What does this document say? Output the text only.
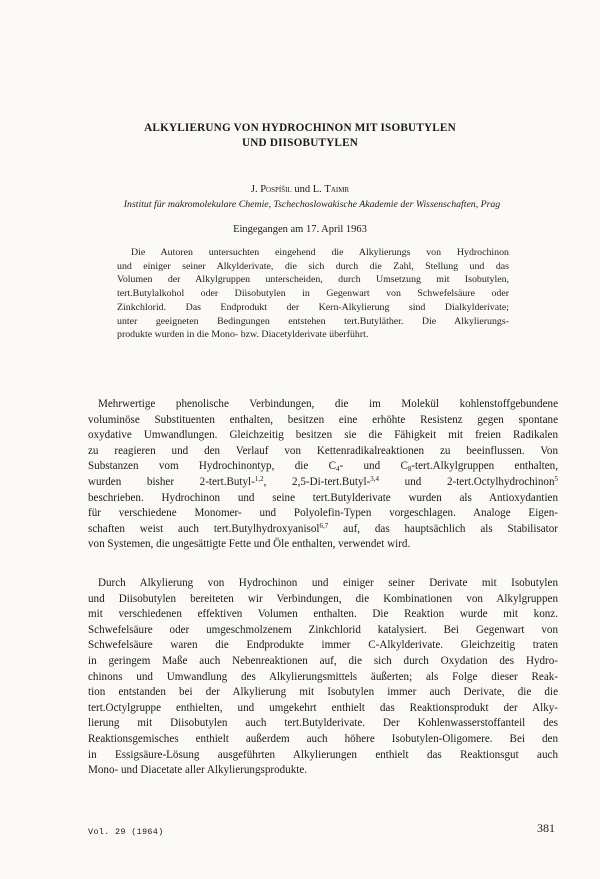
ALKYLIERUNG VON HYDROCHINON MIT ISOBUTYLEN
UND DIISOBUTYLEN
J. Pospíšil und L. Taimr
Institut für makromolekulare Chemie, Tschechoslowakische Akademie der Wissenschaften, Prag
Eingegangen am 17. April 1963
Die Autoren untersuchten eingehend die Alkylierungs von Hydrochinon
und einiger seiner Alkylderivate, die sich durch die Zahl, Stellung und das
Volumen der Alkylgruppen unterscheiden, durch Umsetzung mit Isobutylen,
tert.Butylalkohol oder Diisobutylen in Gegenwart von Schwefelsäure oder
Zinkchlorid. Das Endprodukt der Kern-Alkylierung sind Dialkylderivate;
unter geeigneten Bedingungen entstehen tert.Butyläther. Die Alkylierungs-
produkte wurden in die Mono- bzw. Diacetylderivate überführt.
Mehrwertige phenolische Verbindungen, die im Molekül kohlenstoffgebundene
voluminöse Substituenten enthalten, besitzen eine erhöhte Resistenz gegen spontane
oxydative Umwandlungen. Gleichzeitig besitzen sie die Fähigkeit mit freien Radikalen
zu reagieren und den Verlauf von Kettenradikalreaktionen zu beeinflussen. Von
Substanzen vom Hydrochinontyp, die $C_4-$ und $C_8-tert.Alkylgruppen$ enthalten,
wurden bisher 2-tert.Butyl-$^{1,2}$, 2,5-Di-tert.Butyl-$^{3,4}$ und 2-tert.Octylhydrochinon$^5$
beschrieben. Hydrochinon und seine tert.Butylderivate wurden als Antioxydantien
für verschiedene Monomer- und Polyolefin-Typen vorgeschlagen. Analoge Eigen-
schaften weist auch tert.Butylhydroxyanisol$^{6,7}$ auf, das hauptsächlich als Stabilisator
von Systemen, die ungesättigte Fette und Öle enthalten, verwendet wird.
Durch Alkylierung von Hydrochinon und einiger seiner Derivate mit Isobutylen
und Diisobutylen bereiteten wir Verbindungen, die Kombinationen von Alkylgruppen
mit verschiedenen effektiven Volumen enthalten. Die Reaktion wurde mit konz.
Schwefelsäure oder umgeschmolzenem Zinkchlorid katalysiert. Bei Gegenwart von
Schwefelsäure waren die Endprodukte immer C-Alkylderivate. Gleichzeitig traten
in geringem Maße auch Nebenreaktionen auf, die sich durch Oxydation des Hydro-
chinons und Umwandlung des Alkylierungsmittels äußerten; als Folge dieser Reak-
tion entstanden bei der Alkylierung mit Isobutylen immer auch Derivate, die die
tert.Octylgruppe enthielten, und umgekehrt enthielt das Reaktionsprodukt der Alky-
lierung mit Diisobutylen auch tert.Butylderivate. Der Kohlenwasserstoffanteil des
Reaktionsgemisches enthielt außerdem auch höhere Isobutylen-Oligomere. Bei den
in Essigsäure-Lösung ausgeführten Alkylierungen enthielt das Reaktionsgut auch
Mono- und Diacetate aller Alkylierungsprodukte.
Vol. 29 (1964)	381
